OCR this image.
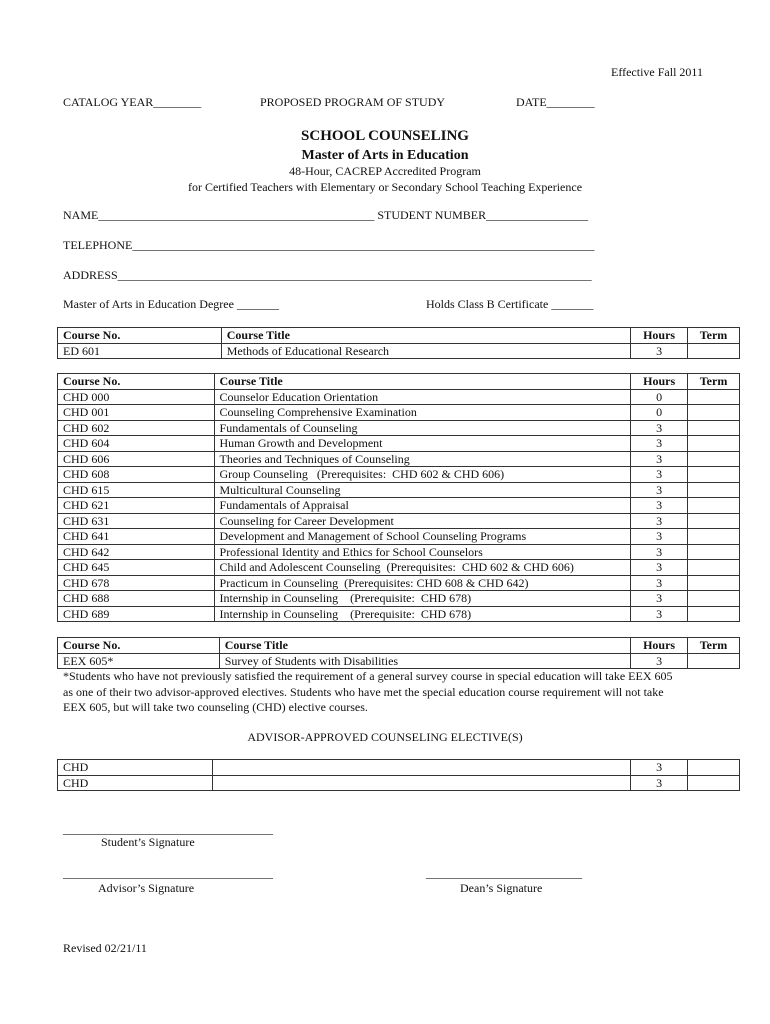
Effective Fall 2011
CATALOG YEAR________	PROPOSED PROGRAM OF STUDY	DATE________
SCHOOL COUNSELING
Master of Arts in Education
48-Hour, CACREP Accredited Program
for Certified Teachers with Elementary or Secondary School Teaching Experience
NAME______________________________________________ STUDENT NUMBER_________________
TELEPHONE_____________________________________________________________________________
ADDRESS_______________________________________________________________________________
Master of Arts in Education Degree _______	Holds Class B Certificate _______
Course No.	Course Title	Hours	Term
ED 601	Methods of Educational Research	3	
Course No.	Course Title	Hours	Term
CHD 000	Counselor Education Orientation	0	
CHD 001	Counseling Comprehensive Examination	0	
CHD 602	Fundamentals of Counseling	3	
CHD 604	Human Growth and Development	3	
CHD 606	Theories and Techniques of Counseling	3	
CHD 608	Group Counseling   (Prerequisites:  CHD 602 & CHD 606)	3	
CHD 615	Multicultural Counseling	3	
CHD 621	Fundamentals of Appraisal	3	
CHD 631	Counseling for Career Development	3	
CHD 641	Development and Management of School Counseling Programs	3	
CHD 642	Professional Identity and Ethics for School Counselors	3	
CHD 645	Child and Adolescent Counseling  (Prerequisites:  CHD 602 & CHD 606)	3	
CHD 678	Practicum in Counseling  (Prerequisites: CHD 608 & CHD 642)	3	
CHD 688	Internship in Counseling    (Prerequisite:  CHD 678)	3	
CHD 689	Internship in Counseling    (Prerequisite:  CHD 678)	3	
Course No.	Course Title	Hours	Term
EEX 605*	Survey of Students with Disabilities	3	
*Students who have not previously satisfied the requirement of a general survey course in special education will take EEX 605
as one of their two advisor-approved electives. Students who have met the special education course requirement will not take
EEX 605, but will take two counseling (CHD) elective courses.
ADVISOR-APPROVED COUNSELING ELECTIVE(S)
CHD		3	
CHD		3	
___________________________________
Student’s Signature
___________________________________
Advisor’s Signature
__________________________
Dean’s Signature
Revised 02/21/11
